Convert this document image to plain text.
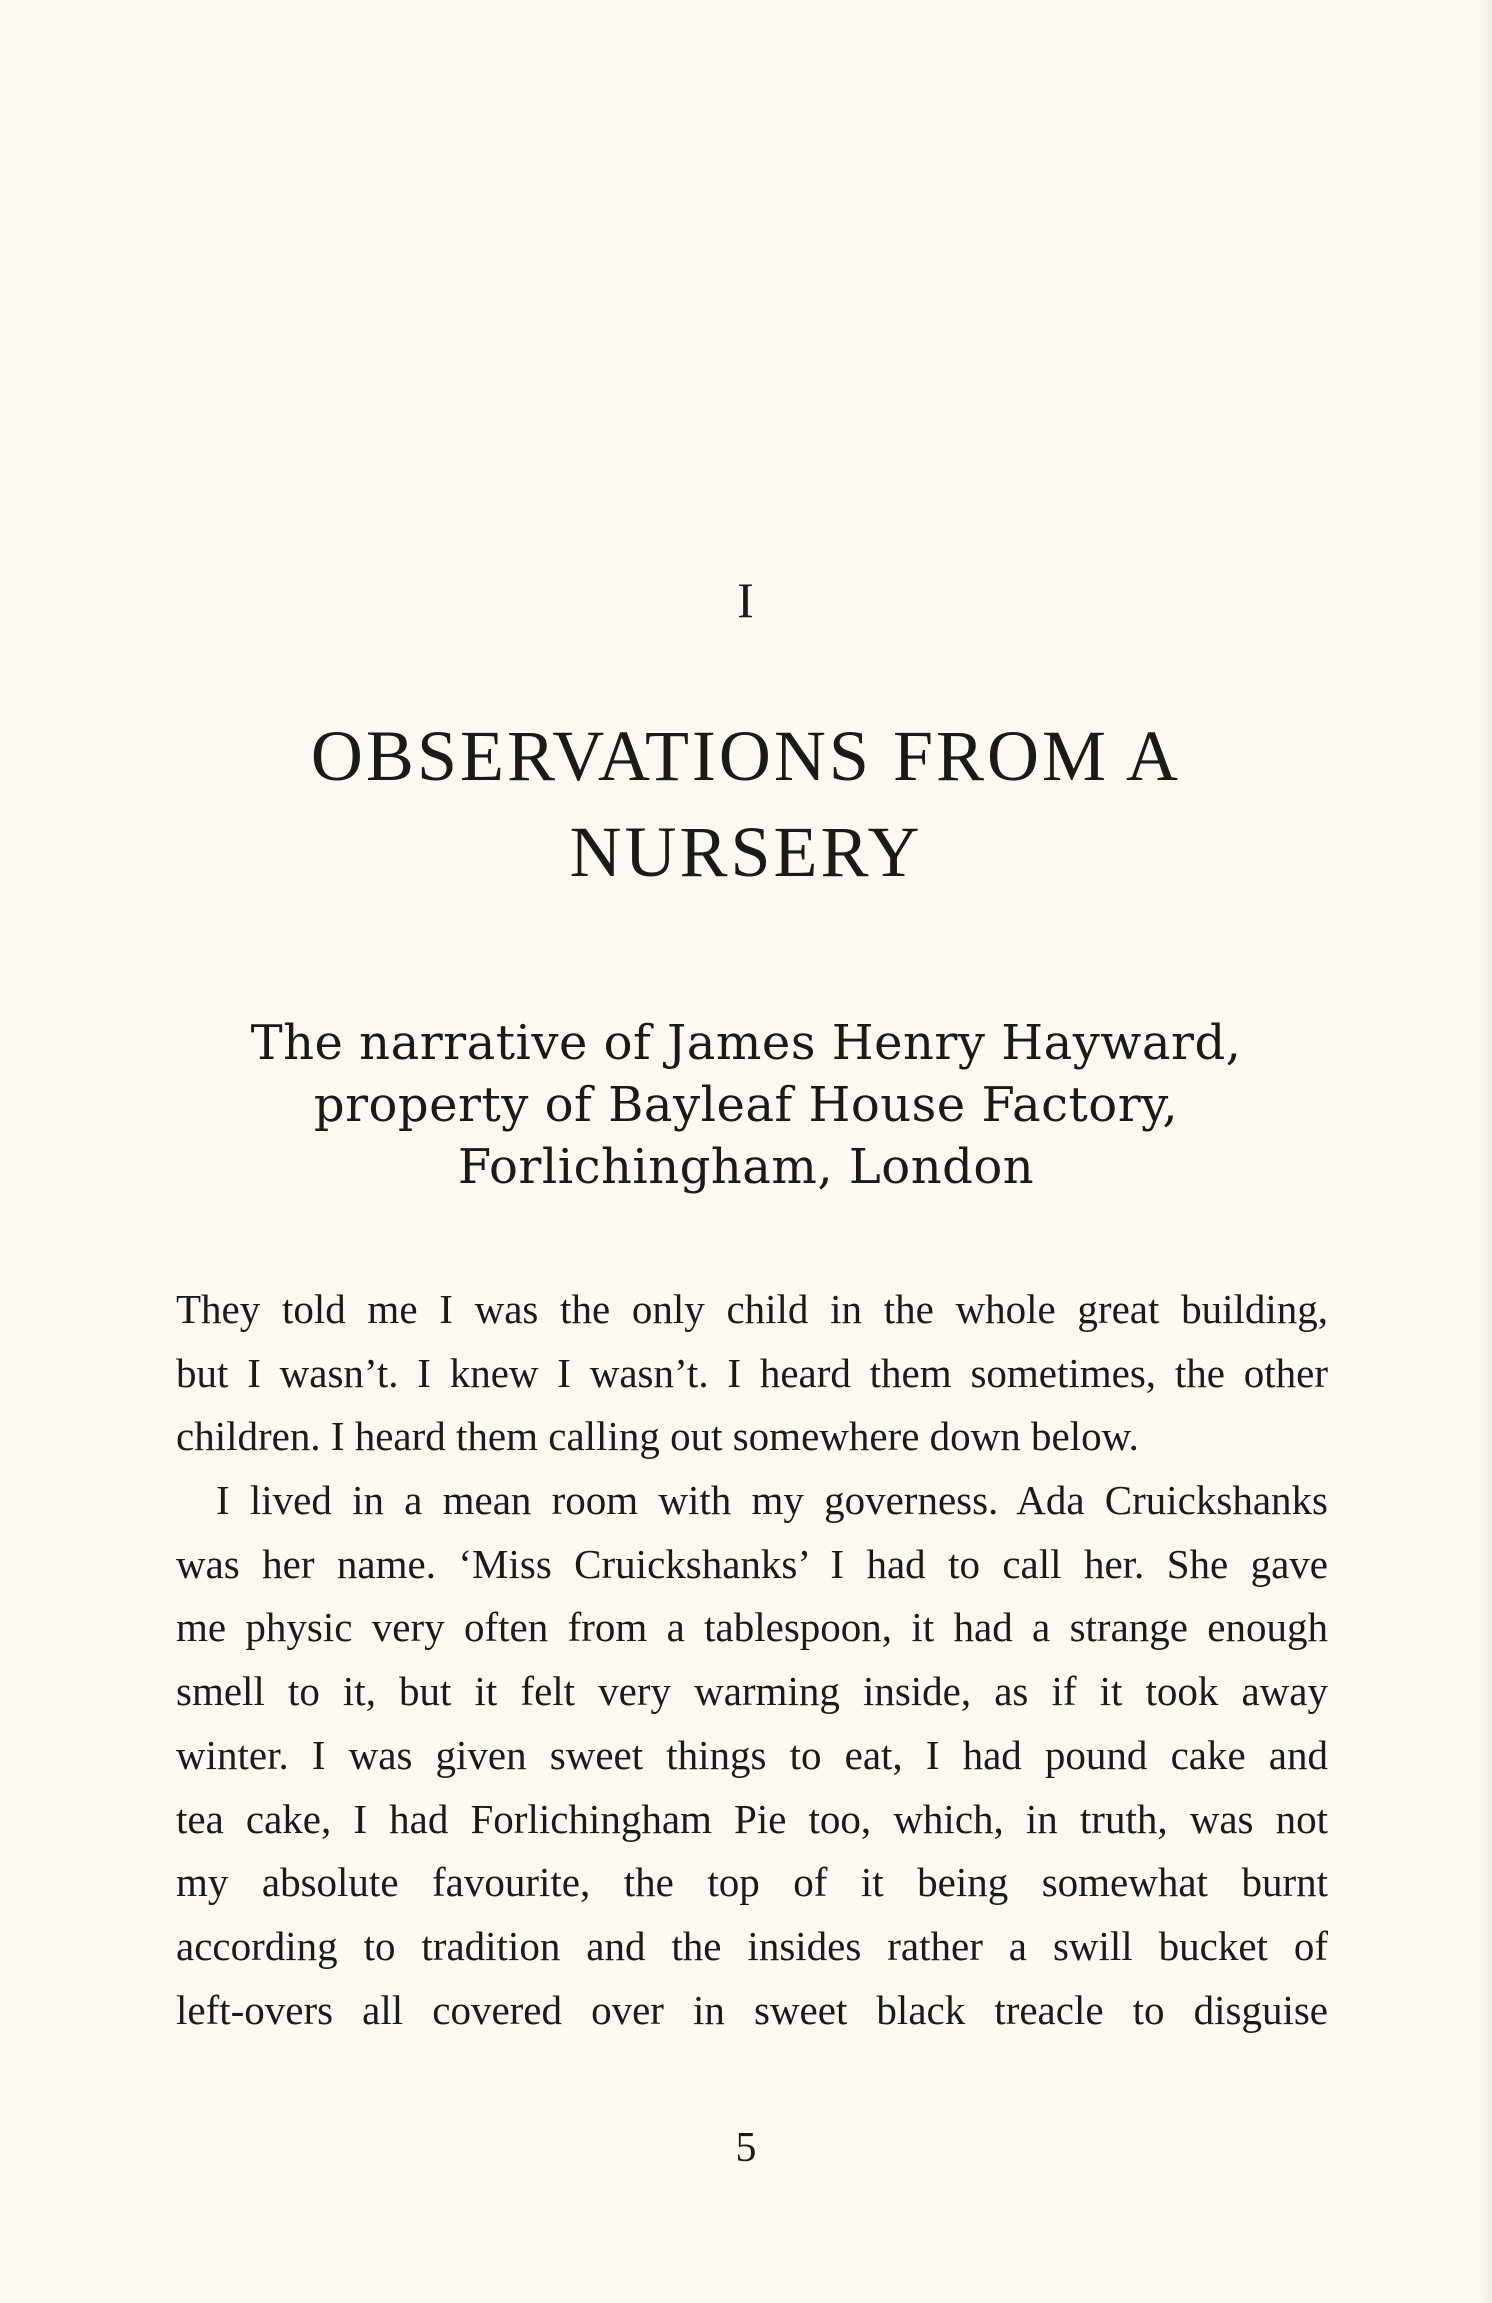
I
OBSERVATIONS FROM A
NURSERY
The narrative of James Henry Hayward,
property of Bayleaf House Factory,
Forlichingham, London
They told me I was the only child in the whole great building,
but I wasn’t. I knew I wasn’t. I heard them sometimes, the other
children. I heard them calling out somewhere down below.
I lived in a mean room with my governess. Ada Cruickshanks
was her name. ‘Miss Cruickshanks’ I had to call her. She gave
me physic very often from a tablespoon, it had a strange enough
smell to it, but it felt very warming inside, as if it took away
winter. I was given sweet things to eat, I had pound cake and
tea cake, I had Forlichingham Pie too, which, in truth, was not
my absolute favourite, the top of it being somewhat burnt
according to tradition and the insides rather a swill bucket of
left-overs all covered over in sweet black treacle to disguise
5
